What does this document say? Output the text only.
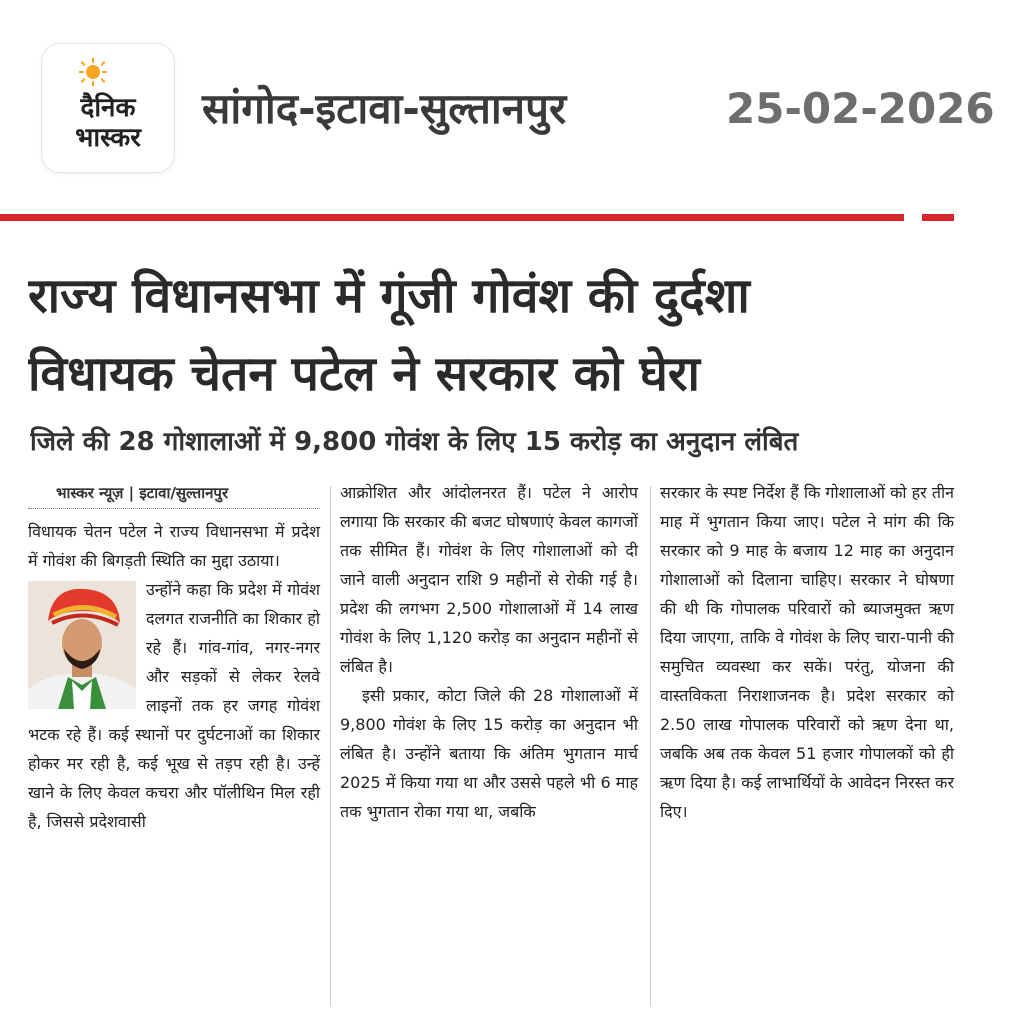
दैनिक
भास्कर
सांगोद-इटावा-सुल्तानपुर	25-02-2026
राज्य विधानसभा में गूंजी गोवंश की दुर्दशा
विधायक चेतन पटेल ने सरकार को घेरा
जिले की 28 गोशालाओं में 9,800 गोवंश के लिए 15 करोड़ का अनुदान लंबित
भास्कर न्यूज़ | इटावा/सुल्तानपुर

विधायक चेतन पटेल ने राज्य विधानसभा में प्रदेश में गोवंश की बिगड़ती स्थिति का मुद्दा उठाया।

उन्होंने कहा कि प्रदेश में गोवंश दलगत राजनीति का शिकार हो रहे हैं। गांव-गांव, नगर-नगर और सड़कों से लेकर रेलवे लाइनों तक हर जगह गोवंश भटक रहे हैं। कई स्थानों पर दुर्घटनाओं का शिकार होकर मर रही है, कई भूख से तड़प रही है। उन्हें खाने के लिए केवल कचरा और पॉलीथिन मिल रही है, जिससे प्रदेशवासी

आक्रोशित और आंदोलनरत हैं। पटेल ने आरोप लगाया कि सरकार की बजट घोषणाएं केवल कागजों तक सीमित हैं। गोवंश के लिए गोशालाओं को दी जाने वाली अनुदान राशि 9 महीनों से रोकी गई है। प्रदेश की लगभग 2,500 गोशालाओं में 14 लाख गोवंश के लिए 1,120 करोड़ का अनुदान महीनों से लंबित है।

इसी प्रकार, कोटा जिले की 28 गोशालाओं में 9,800 गोवंश के लिए 15 करोड़ का अनुदान भी लंबित है। उन्होंने बताया कि अंतिम भुगतान मार्च 2025 में किया गया था और उससे पहले भी 6 माह तक भुगतान रोका गया था, जबकि

सरकार के स्पष्ट निर्देश हैं कि गोशालाओं को हर तीन माह में भुगतान किया जाए। पटेल ने मांग की कि सरकार को 9 माह के बजाय 12 माह का अनुदान गोशालाओं को दिलाना चाहिए। सरकार ने घोषणा की थी कि गोपालक परिवारों को ब्याजमुक्त ऋण दिया जाएगा, ताकि वे गोवंश के लिए चारा-पानी की समुचित व्यवस्था कर सकें। परंतु, योजना की वास्तविकता निराशाजनक है। प्रदेश सरकार को 2.50 लाख गोपालक परिवारों को ऋण देना था, जबकि अब तक केवल 51 हजार गोपालकों को ही ऋण दिया है। कई लाभार्थियों के आवेदन निरस्त कर दिए।
